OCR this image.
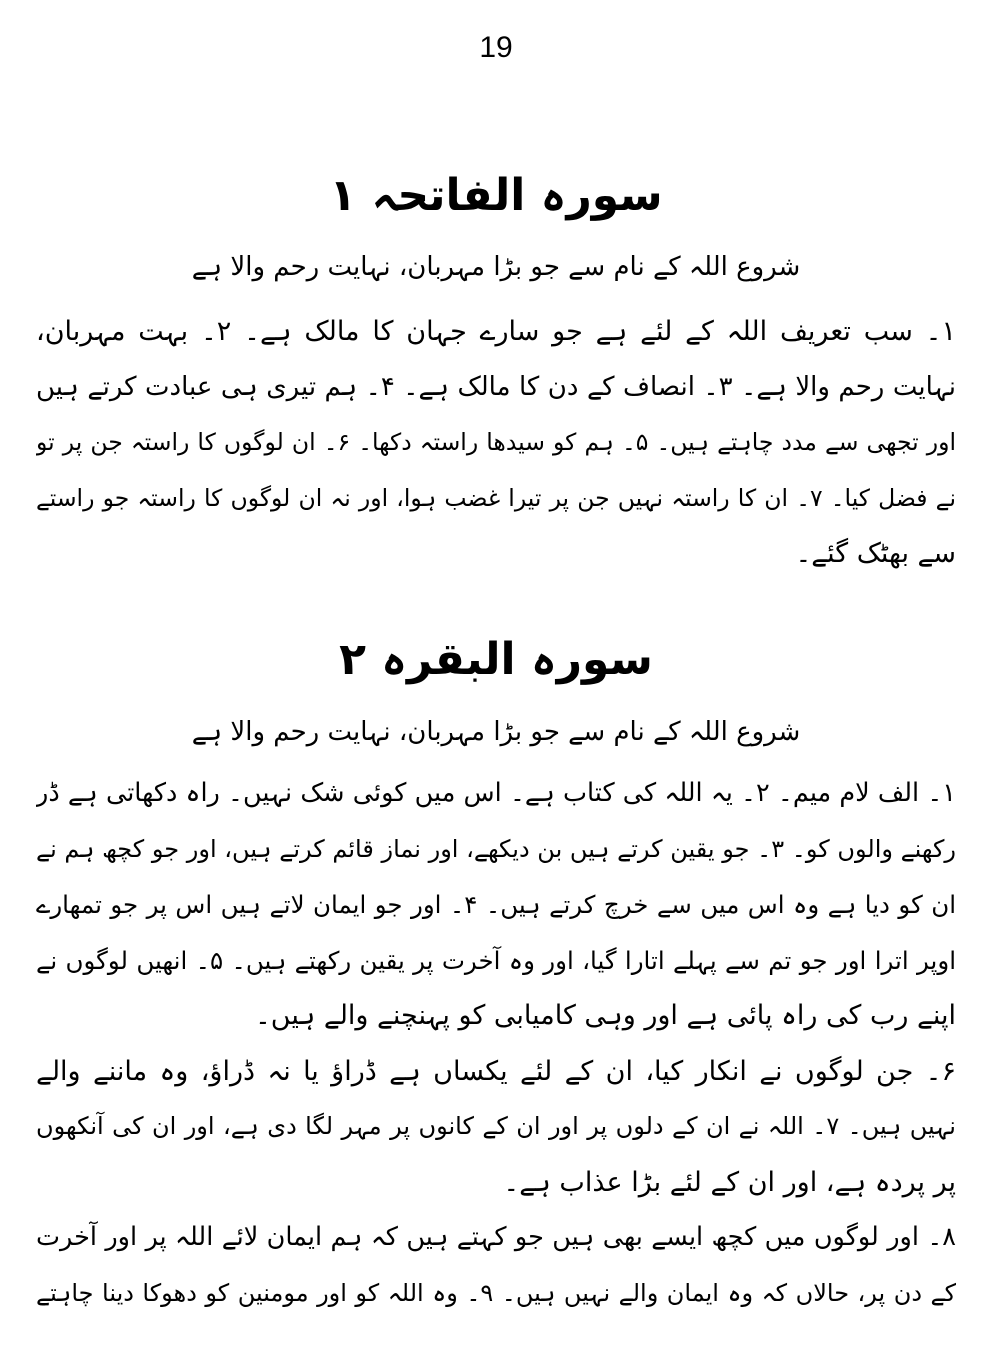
19
سورہ الفاتحہ ۱
شروع اللہ کے نام سے جو بڑا مہربان، نہایت رحم والا ہے
۱۔ سب تعریف اللہ کے لئے ہے جو سارے جہان کا مالک ہے۔ ۲۔ بہت مہربان،
نہایت رحم والا ہے۔ ۳۔ انصاف کے دن کا مالک ہے۔ ۴۔ ہم تیری ہی عبادت کرتے ہیں
اور تجھی سے مدد چاہتے ہیں۔ ۵۔ ہم کو سیدھا راستہ دکھا۔ ۶۔ ان لوگوں کا راستہ جن پر تو
نے فضل کیا۔ ۷۔ ان کا راستہ نہیں جن پر تیرا غضب ہوا، اور نہ ان لوگوں کا راستہ جو راستے
سے بھٹک گئے۔
سورہ البقرہ ۲
شروع اللہ کے نام سے جو بڑا مہربان، نہایت رحم والا ہے
۱۔ الف لام میم۔ ۲۔ یہ اللہ کی کتاب ہے۔ اس میں کوئی شک نہیں۔ راہ دکھاتی ہے ڈر
رکھنے والوں کو۔ ۳۔ جو یقین کرتے ہیں بن دیکھے، اور نماز قائم کرتے ہیں، اور جو کچھ ہم نے
ان کو دیا ہے وہ اس میں سے خرچ کرتے ہیں۔ ۴۔ اور جو ایمان لاتے ہیں اس پر جو تمھارے
اوپر اترا اور جو تم سے پہلے اتارا گیا، اور وہ آخرت پر یقین رکھتے ہیں۔ ۵۔ انھیں لوگوں نے
اپنے رب کی راہ پائی ہے اور وہی کامیابی کو پہنچنے والے ہیں۔
۶۔ جن لوگوں نے انکار کیا، ان کے لئے یکساں ہے ڈراؤ یا نہ ڈراؤ، وہ ماننے والے
نہیں ہیں۔ ۷۔ اللہ نے ان کے دلوں پر اور ان کے کانوں پر مہر لگا دی ہے، اور ان کی آنکھوں
پر پردہ ہے، اور ان کے لئے بڑا عذاب ہے۔
۸۔ اور لوگوں میں کچھ ایسے بھی ہیں جو کہتے ہیں کہ ہم ایمان لائے اللہ پر اور آخرت
کے دن پر، حالاں کہ وہ ایمان والے نہیں ہیں۔ ۹۔ وہ اللہ کو اور مومنین کو دھوکا دینا چاہتے
